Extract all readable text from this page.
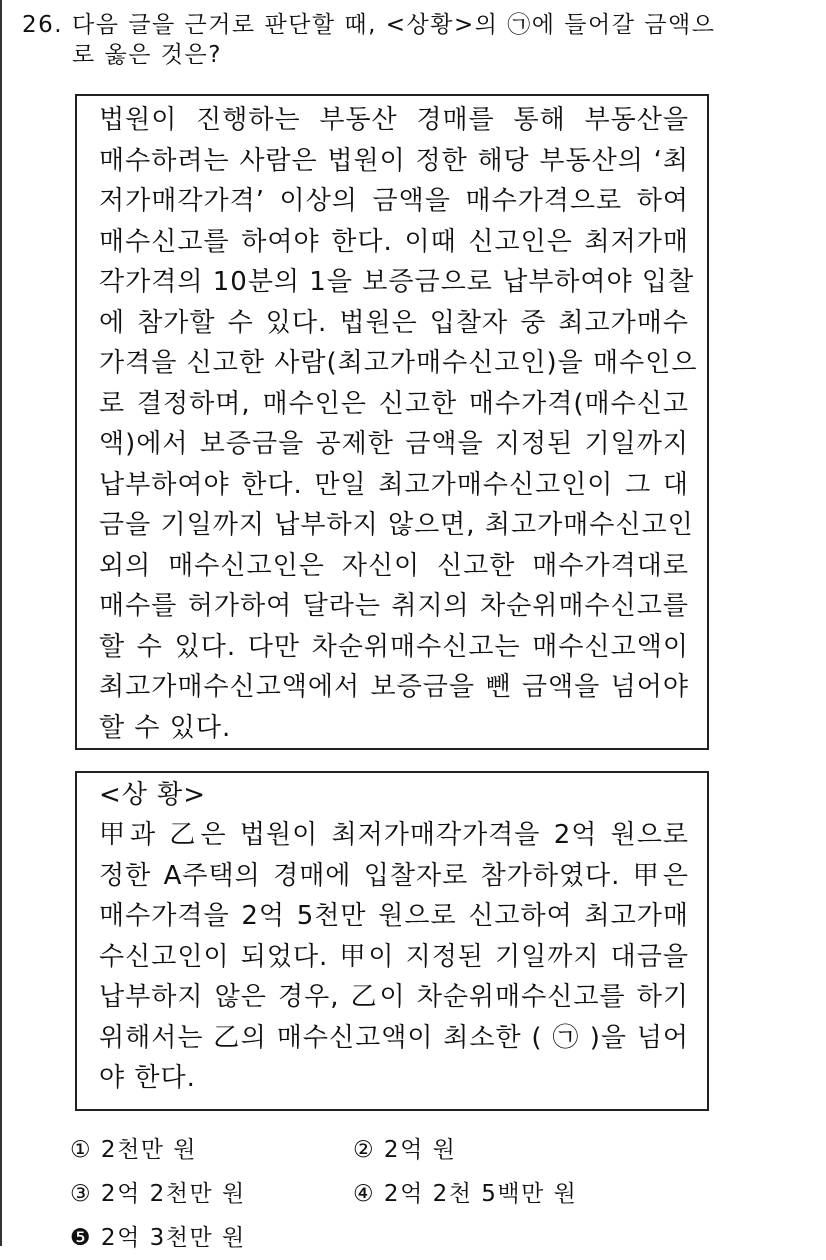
26. 다음 글을 근거로 판단할 때, <상황>의 ㉠에 들어갈 금액으
로 옳은 것은?
법원이 진행하는 부동산 경매를 통해 부동산을
매수하려는 사람은 법원이 정한 해당 부동산의 ‘최
저가매각가격’ 이상의 금액을 매수가격으로 하여
매수신고를 하여야 한다. 이때 신고인은 최저가매
각가격의 10분의 1을 보증금으로 납부하여야 입찰
에 참가할 수 있다. 법원은 입찰자 중 최고가매수
가격을 신고한 사람(최고가매수신고인)을 매수인으
로 결정하며, 매수인은 신고한 매수가격(매수신고
액)에서 보증금을 공제한 금액을 지정된 기일까지
납부하여야 한다. 만일 최고가매수신고인이 그 대
금을 기일까지 납부하지 않으면, 최고가매수신고인
외의 매수신고인은 자신이 신고한 매수가격대로
매수를 허가하여 달라는 취지의 차순위매수신고를
할 수 있다. 다만 차순위매수신고는 매수신고액이
최고가매수신고액에서 보증금을 뺀 금액을 넘어야
할 수 있다.
<상 황>
甲과 乙은 법원이 최저가매각가격을 2억 원으로
정한 A주택의 경매에 입찰자로 참가하였다. 甲은
매수가격을 2억 5천만 원으로 신고하여 최고가매
수신고인이 되었다. 甲이 지정된 기일까지 대금을
납부하지 않은 경우, 乙이 차순위매수신고를 하기
위해서는 乙의 매수신고액이 최소한 ( ㉠ )을 넘어
야 한다.
① 2천만 원	② 2억 원
③ 2억 2천만 원	④ 2억 2천 5백만 원
❺ 2억 3천만 원
